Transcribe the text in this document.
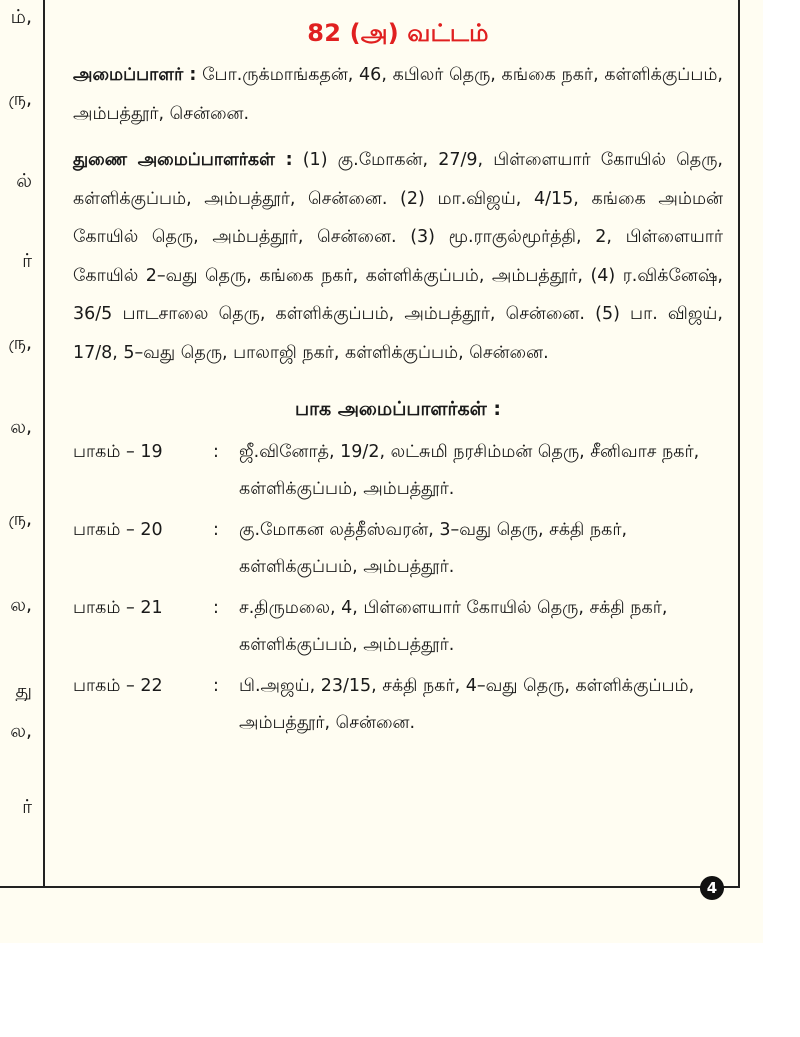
ம்,
ரு,
ல்
ர்
ரு,
ல,
ரு,
ல,
து
ல,
ர்
82 (அ) வட்டம்

அமைப்பாளர் : போ.ருக்மாங்கதன், 46, கபிலர் தெரு, கங்கை நகர், கள்ளிக்குப்பம், அம்பத்தூர், சென்னை.

துணை அமைப்பாளர்கள் : (1) கு.மோகன், 27/9, பிள்ளையார் கோயில் தெரு, கள்ளிக்குப்பம், அம்பத்தூர், சென்னை. (2) மா.விஜய், 4/15, கங்கை அம்மன் கோயில் தெரு, அம்பத்தூர், சென்னை. (3) மூ.ராகுல்மூர்த்தி, 2, பிள்ளையார் கோயில் 2–வது தெரு, கங்கை நகர், கள்ளிக்குப்பம், அம்பத்தூர், (4) ர.விக்னேஷ், 36/5 பாடசாலை தெரு, கள்ளிக்குப்பம், அம்பத்தூர், சென்னை. (5) பா. விஜய், 17/8, 5–வது தெரு, பாலாஜி நகர், கள்ளிக்குப்பம், சென்னை.

பாக அமைப்பாளர்கள் :
பாகம் – 19	:	ஜீ.வினோத், 19/2, லட்சுமி நரசிம்மன் தெரு, சீனிவாச நகர், கள்ளிக்குப்பம், அம்பத்தூர்.
பாகம் – 20	:	கு.மோகன லத்தீஸ்வரன், 3–வது தெரு, சக்தி நகர், கள்ளிக்குப்பம், அம்பத்தூர்.
பாகம் – 21	:	ச.திருமலை, 4, பிள்ளையார் கோயில் தெரு, சக்தி நகர், கள்ளிக்குப்பம், அம்பத்தூர்.
பாகம் – 22	:	பி.அஜய், 23/15, சக்தி நகர், 4–வது தெரு, கள்ளிக்குப்பம், அம்பத்தூர், சென்னை.
4
